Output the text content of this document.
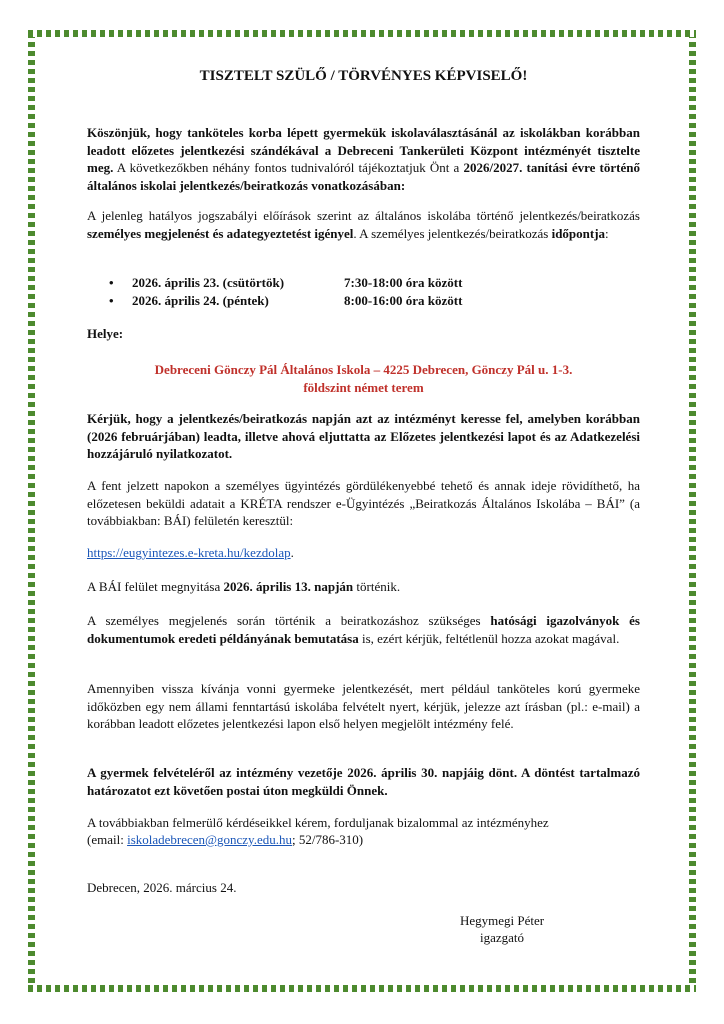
TISZTELT SZÜLŐ / TÖRVÉNYES KÉPVISELŐ!
Köszönjük, hogy tanköteles korba lépett gyermekük iskolaválasztásánál az iskolákban korábban leadott előzetes jelentkezési szándékával a Debreceni Tankerületi Központ intézményét tisztelte meg. A következőkben néhány fontos tudnivalóról tájékoztatjuk Önt a 2026/2027. tanítási évre történő általános iskolai jelentkezés/beiratkozás vonatkozásában:
A jelenleg hatályos jogszabályi előírások szerint az általános iskolába történő jelentkezés/beiratkozás személyes megjelenést és adategyeztetést igényel. A személyes jelentkezés/beiratkozás időpontja:
• 2026. április 23. (csütörtök)	7:30-18:00 óra között
• 2026. április 24. (péntek)	8:00-16:00 óra között
Helye:
Debreceni Gönczy Pál Általános Iskola – 4225 Debrecen, Gönczy Pál u. 1-3.
földszint német terem
Kérjük, hogy a jelentkezés/beiratkozás napján azt az intézményt keresse fel, amelyben korábban (2026 februárjában) leadta, illetve ahová eljuttatta az Előzetes jelentkezési lapot és az Adatkezelési hozzájáruló nyilatkozatot.
A fent jelzett napokon a személyes ügyintézés gördülékenyebbé tehető és annak ideje rövidíthető, ha előzetesen beküldi adatait a KRÉTA rendszer e-Ügyintézés „Beiratkozás Általános Iskolába – BÁI” (a továbbiakban: BÁI) felületén keresztül:
https://eugyintezes.e-kreta.hu/kezdolap.
A BÁI felület megnyitása 2026. április 13. napján történik.
A személyes megjelenés során történik a beiratkozáshoz szükséges hatósági igazolványok és dokumentumok eredeti példányának bemutatása is, ezért kérjük, feltétlenül hozza azokat magával.
Amennyiben vissza kívánja vonni gyermeke jelentkezését, mert például tanköteles korú gyermeke időközben egy nem állami fenntartású iskolába felvételt nyert, kérjük, jelezze azt írásban (pl.: e-mail) a korábban leadott előzetes jelentkezési lapon első helyen megjelölt intézmény felé.
A gyermek felvételéről az intézmény vezetője 2026. április 30. napjáig dönt. A döntést tartalmazó határozatot ezt követően postai úton megküldi Önnek.
A továbbiakban felmerülő kérdéseikkel kérem, forduljanak bizalommal az intézményhez
(email: iskoladebrecen@gonczy.edu.hu; 52/786-310)
Debrecen, 2026. március 24.
Hegymegi Péter
igazgató
